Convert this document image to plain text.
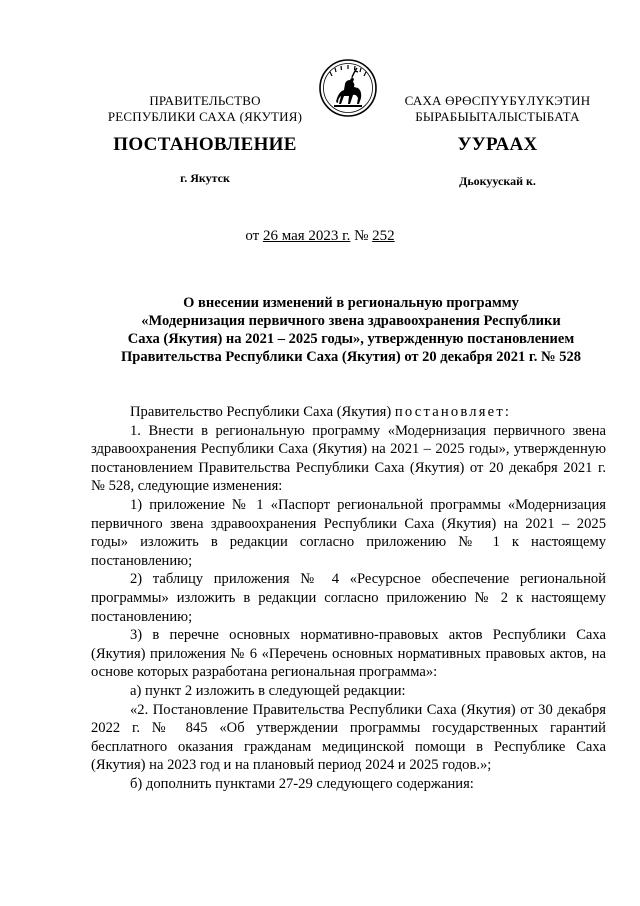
ПРАВИТЕЛЬСТВО
РЕСПУБЛИКИ САХА (ЯКУТИЯ)
САХА ӨРӨСПҮҮБҮЛҮКЭТИН
БЫРАБЫЫТАЛЫСТЫБАТА
ПОСТАНОВЛЕНИЕ	УУРААХ
г. Якутск	Дьокуускай к.
от 26 мая 2023 г. № 252
О внесении изменений в региональную программу
«Модернизация первичного звена здравоохранения Республики
Саха (Якутия) на 2021 – 2025 годы», утвержденную постановлением
Правительства Республики Саха (Якутия) от 20 декабря 2021 г. № 528

Правительство Республики Саха (Якутия) постановляет:

1. Внести в региональную программу «Модернизация первичного звена здравоохранения Республики Саха (Якутия) на 2021 – 2025 годы», утвержденную постановлением Правительства Республики Саха (Якутия) от 20 декабря 2021 г. № 528, следующие изменения:

1) приложение № 1 «Паспорт региональной программы «Модернизация первичного звена здравоохранения Республики Саха (Якутия) на 2021 – 2025 годы» изложить в редакции согласно приложению № 1 к настоящему постановлению;

2) таблицу приложения № 4 «Ресурсное обеспечение региональной программы» изложить в редакции согласно приложению № 2 к настоящему постановлению;

3) в перечне основных нормативно-правовых актов Республики Саха (Якутия) приложения № 6 «Перечень основных нормативных правовых актов, на основе которых разработана региональная программа»:

а) пункт 2 изложить в следующей редакции:

«2. Постановление Правительства Республики Саха (Якутия) от 30 декабря 2022 г. № 845 «Об утверждении программы государственных гарантий бесплатного оказания гражданам медицинской помощи в Республике Саха (Якутия) на 2023 год и на плановый период 2024 и 2025 годов.»;

б) дополнить пунктами 27-29 следующего содержания:
